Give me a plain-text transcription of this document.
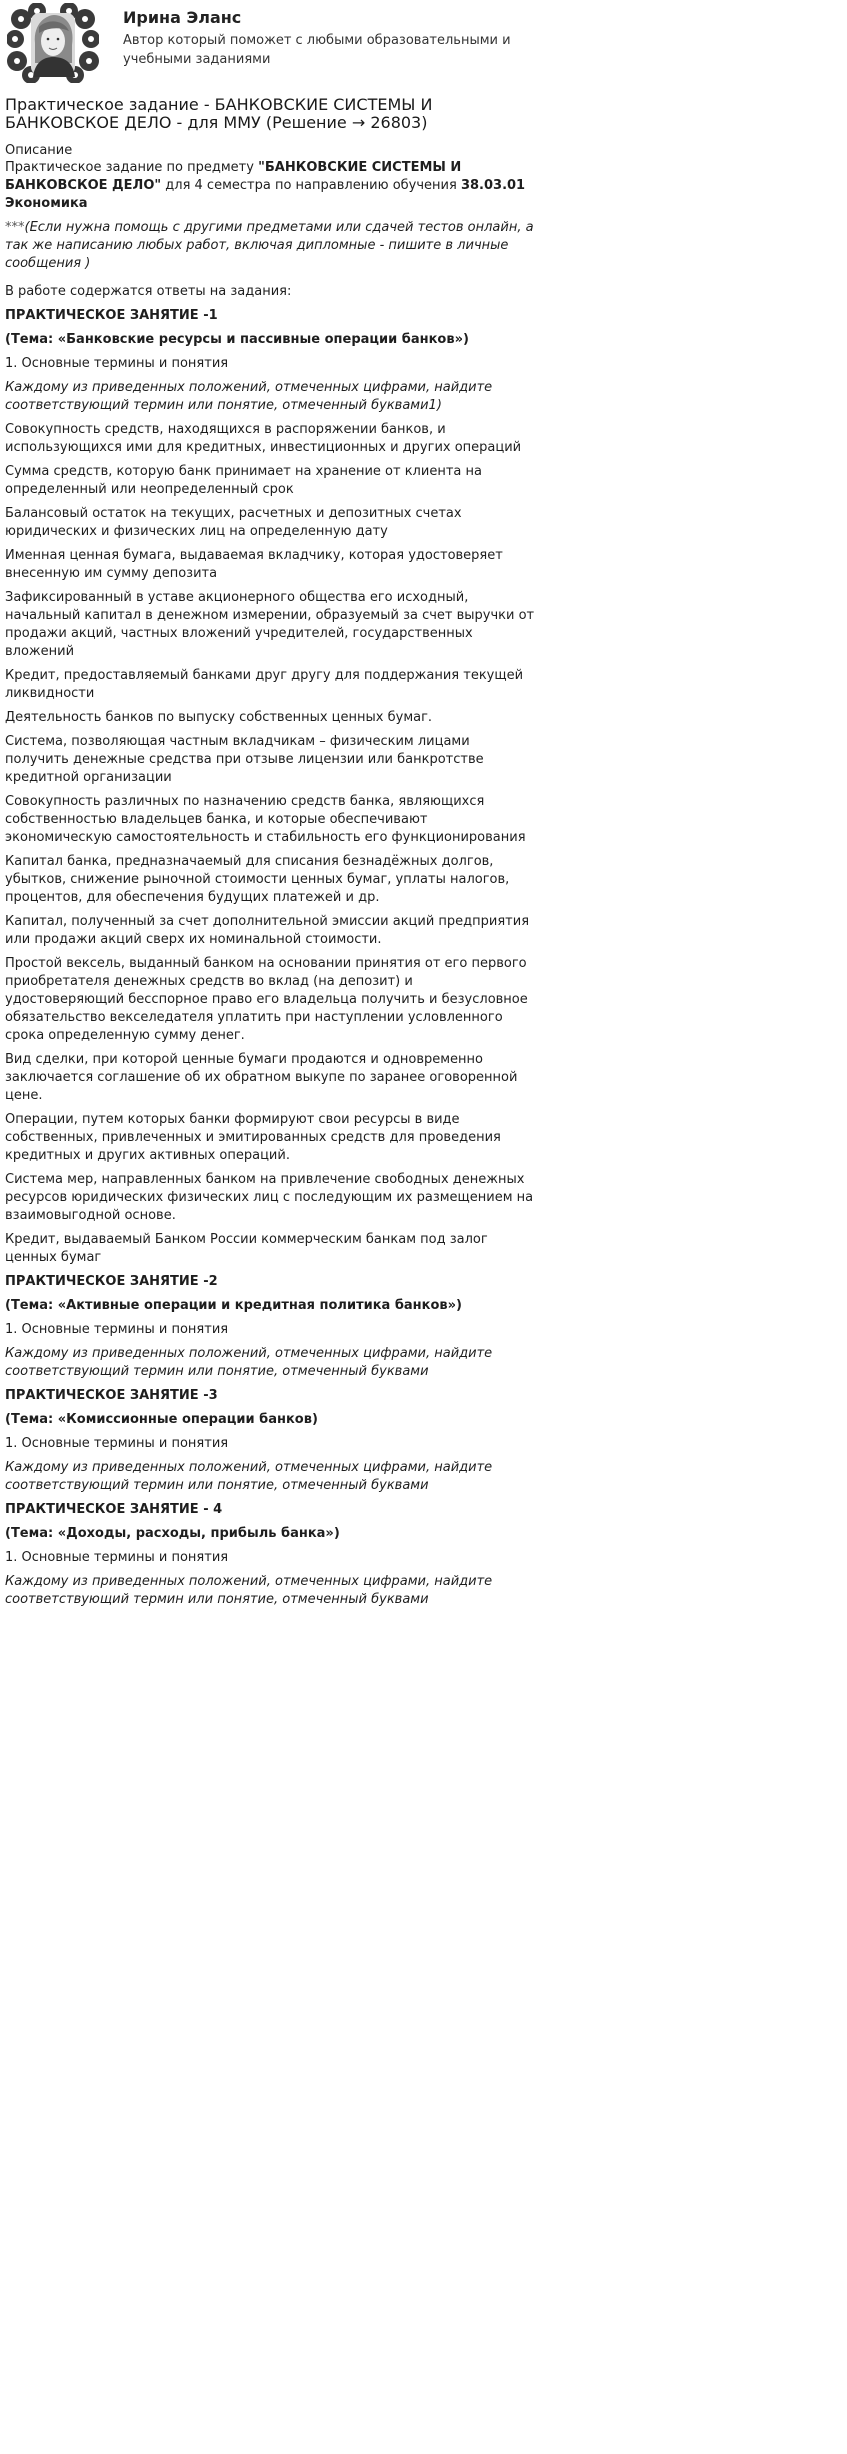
Ирина Эланс
Автор который поможет с любыми образовательными и учебными заданиями
Практическое задание - БАНКОВСКИЕ СИСТЕМЫ И БАНКОВСКОЕ ДЕЛО - для ММУ (Решение → 26803)
Описание

Практическое задание по предмету "БАНКОВСКИЕ СИСТЕМЫ И БАНКОВСКОЕ ДЕЛО" для 4 семестра по направлению обучения 38.03.01 Экономика

***(Если нужна помощь с другими предметами или сдачей тестов онлайн, а так же написанию любых работ, включая дипломные - пишите в личные сообщения )

В работе содержатся ответы на задания:

ПРАКТИЧЕСКОЕ ЗАНЯТИЕ -1

(Тема: «Банковские ресурсы и пассивные операции банков»)

1. Основные термины и понятия

Каждому из приведенных положений, отмеченных цифрами, найдите соответствующий термин или понятие, отмеченный буквами1)

Совокупность средств, находящихся в распоряжении банков, и использующихся ими для кредитных, инвестиционных и других операций

Сумма средств, которую банк принимает на хранение от клиента на определенный или неопределенный срок

Балансовый остаток на текущих, расчетных и депозитных счетах юридических и физических лиц на определенную дату

Именная ценная бумага, выдаваемая вкладчику, которая удостоверяет внесенную им сумму депозита

Зафиксированный в уставе акционерного общества его исходный, начальный капитал в денежном измерении, образуемый за счет выручки от продажи акций, частных вложений учредителей, государственных вложений

Кредит, предоставляемый банками друг другу для поддержания текущей ликвидности

Деятельность банков по выпуску собственных ценных бумаг.

Система, позволяющая частным вкладчикам – физическим лицами получить денежные средства при отзыве лицензии или банкротстве кредитной организации

Совокупность различных по назначению средств банка, являющихся собственностью владельцев банка, и которые обеспечивают экономическую самостоятельность и стабильность его функционирования

Капитал банка, предназначаемый для списания безнадёжных долгов, убытков, снижение рыночной стоимости ценных бумаг, уплаты налогов, процентов, для обеспечения будущих платежей и др.

Капитал, полученный за счет дополнительной эмиссии акций предприятия или продажи акций сверх их номинальной стоимости.

Простой вексель, выданный банком на основании принятия от его первого приобретателя денежных средств во вклад (на депозит) и удостоверяющий бесспорное право его владельца получить и безусловное обязательство векселедателя уплатить при наступлении условленного срока определенную сумму денег.

Вид сделки, при которой ценные бумаги продаются и одновременно заключается соглашение об их обратном выкупе по заранее оговоренной цене.

Операции, путем которых банки формируют свои ресурсы в виде собственных, привлеченных и эмитированных средств для проведения кредитных и других активных операций.

Система мер, направленных банком на привлечение свободных денежных ресурсов юридических физических лиц с последующим их размещением на взаимовыгодной основе.

Кредит, выдаваемый Банком России коммерческим банкам под залог ценных бумаг

ПРАКТИЧЕСКОЕ ЗАНЯТИЕ -2

(Тема: «Активные операции и кредитная политика банков»)

1. Основные термины и понятия

Каждому из приведенных положений, отмеченных цифрами, найдите соответствующий термин или понятие, отмеченный буквами

ПРАКТИЧЕСКОЕ ЗАНЯТИЕ -3

(Тема: «Комиссионные операции банков)

1. Основные термины и понятия

Каждому из приведенных положений, отмеченных цифрами, найдите соответствующий термин или понятие, отмеченный буквами

ПРАКТИЧЕСКОЕ ЗАНЯТИЕ - 4

(Тема: «Доходы, расходы, прибыль банка»)

1. Основные термины и понятия

Каждому из приведенных положений, отмеченных цифрами, найдите соответствующий термин или понятие, отмеченный буквами
